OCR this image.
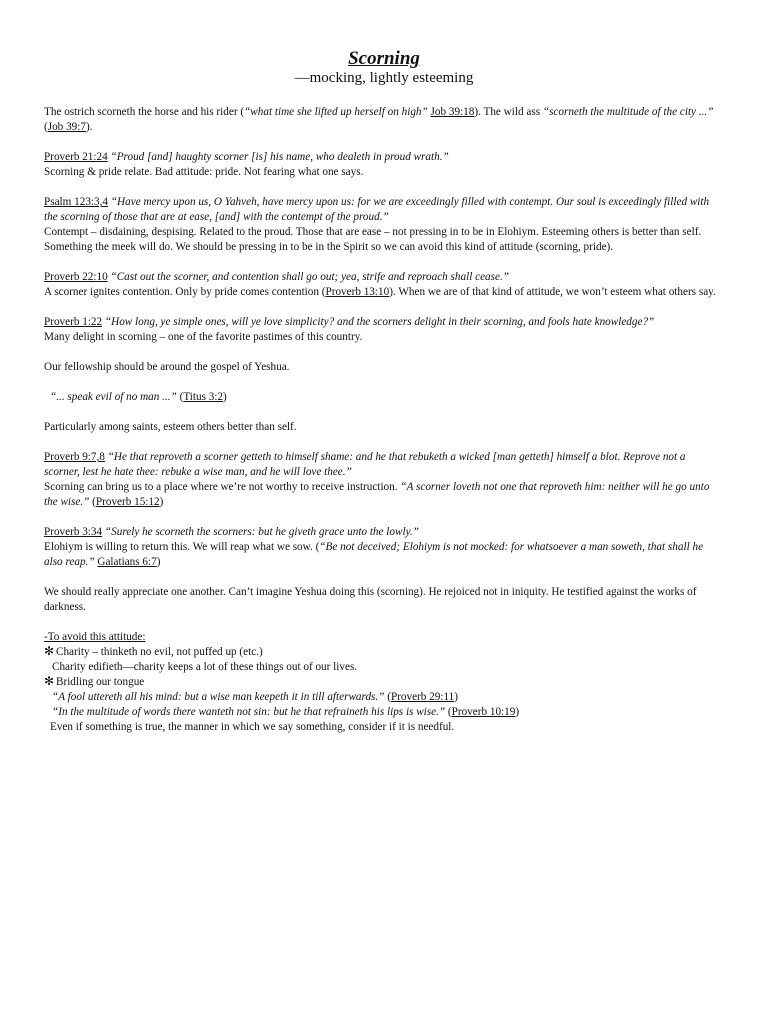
Scorning
—mocking, lightly esteeming

The ostrich scorneth the horse and his rider (“what time she lifted up herself on high” Job 39:18). The wild ass “scorneth the multitude of the city ...” (Job 39:7).

Proverb 21:24 “Proud [and] haughty scorner [is] his name, who dealeth in proud wrath.”
Scorning & pride relate. Bad attitude: pride. Not fearing what one says.

Psalm 123:3,4 “Have mercy upon us, O Yahveh, have mercy upon us: for we are exceedingly filled with contempt. Our soul is exceedingly filled with the scorning of those that are at ease, [and] with the contempt of the proud.”
Contempt – disdaining, despising. Related to the proud. Those that are ease – not pressing in to be in Elohiym. Esteeming others is better than self. Something the meek will do. We should be pressing in to be in the Spirit so we can avoid this kind of attitude (scorning, pride).

Proverb 22:10 “Cast out the scorner, and contention shall go out; yea, strife and reproach shall cease.”
A scorner ignites contention. Only by pride comes contention (Proverb 13:10). When we are of that kind of attitude, we won’t esteem what others say.

Proverb 1:22 “How long, ye simple ones, will ye love simplicity? and the scorners delight in their scorning, and fools hate knowledge?”
Many delight in scorning – one of the favorite pastimes of this country.

Our fellowship should be around the gospel of Yeshua.

“... speak evil of no man ...” (Titus 3:2)

Particularly among saints, esteem others better than self.

Proverb 9:7,8 “He that reproveth a scorner getteth to himself shame: and he that rebuketh a wicked [man getteth] himself a blot. Reprove not a scorner, lest he hate thee: rebuke a wise man, and he will love thee.”
Scorning can bring us to a place where we’re not worthy to receive instruction. “A scorner loveth not one that reproveth him: neither will he go unto the wise.” (Proverb 15:12)

Proverb 3:34 “Surely he scorneth the scorners: but he giveth grace unto the lowly.”
Elohiym is willing to return this. We will reap what we sow. (“Be not deceived; Elohiym is not mocked: for whatsoever a man soweth, that shall he also reap.” Galatians 6:7)

We should really appreciate one another. Can’t imagine Yeshua doing this (scorning). He rejoiced not in iniquity. He testified against the works of darkness.

-To avoid this attitude:

✻ Charity – thinketh no evil, not puffed up (etc.)

Charity edifieth—charity keeps a lot of these things out of our lives.

✻ Bridling our tongue

“A fool uttereth all his mind: but a wise man keepeth it in till afterwards.” (Proverb 29:11)

“In the multitude of words there wanteth not sin: but he that refraineth his lips is wise.” (Proverb 10:19)

Even if something is true, the manner in which we say something, consider if it is needful.
